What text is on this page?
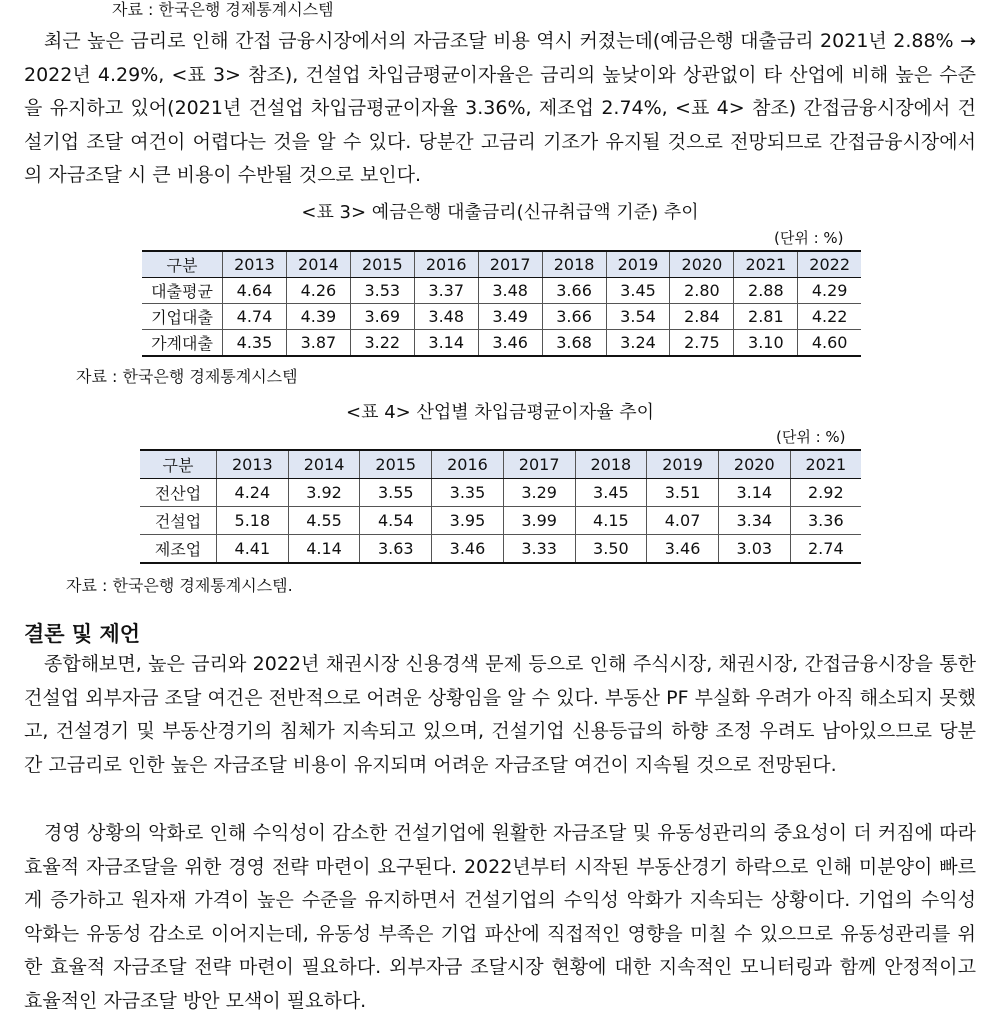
자료 : 한국은행 경제통계시스템

최근 높은 금리로 인해 간접 금융시장에서의 자금조달 비용 역시 커졌는데(예금은행 대출금리 2021년 2.88% → 2022년 4.29%, <표 3> 참조), 건설업 차입금평균이자율은 금리의 높낮이와 상관없이 타 산업에 비해 높은 수준을 유지하고 있어(2021년 건설업 차입금평균이자율 3.36%, 제조업 2.74%, <표 4> 참조) 간접금융시장에서 건설기업 조달 여건이 어렵다는 것을 알 수 있다. 당분간 고금리 기조가 유지될 것으로 전망되므로 간접금융시장에서의 자금조달 시 큰 비용이 수반될 것으로 보인다.

<표 3> 예금은행 대출금리(신규취급액 기준) 추이
(단위 : %)
구분	2013	2014	2015	2016	2017	2018	2019	2020	2021	2022
대출평균	4.64	4.26	3.53	3.37	3.48	3.66	3.45	2.80	2.88	4.29
기업대출	4.74	4.39	3.69	3.48	3.49	3.66	3.54	2.84	2.81	4.22
가계대출	4.35	3.87	3.22	3.14	3.46	3.68	3.24	2.75	3.10	4.60
자료 : 한국은행 경제통계시스템
<표 4> 산업별 차입금평균이자율 추이
(단위 : %)
구분	2013	2014	2015	2016	2017	2018	2019	2020	2021
전산업	4.24	3.92	3.55	3.35	3.29	3.45	3.51	3.14	2.92
건설업	5.18	4.55	4.54	3.95	3.99	4.15	4.07	3.34	3.36
제조업	4.41	4.14	3.63	3.46	3.33	3.50	3.46	3.03	2.74
자료 : 한국은행 경제통계시스템.
결론 및 제언

종합해보면, 높은 금리와 2022년 채권시장 신용경색 문제 등으로 인해 주식시장, 채권시장, 간접금융시장을 통한 건설업 외부자금 조달 여건은 전반적으로 어려운 상황임을 알 수 있다. 부동산 PF 부실화 우려가 아직 해소되지 못했고, 건설경기 및 부동산경기의 침체가 지속되고 있으며, 건설기업 신용등급의 하향 조정 우려도 남아있으므로 당분간 고금리로 인한 높은 자금조달 비용이 유지되며 어려운 자금조달 여건이 지속될 것으로 전망된다.

경영 상황의 악화로 인해 수익성이 감소한 건설기업에 원활한 자금조달 및 유동성관리의 중요성이 더 커짐에 따라 효율적 자금조달을 위한 경영 전략 마련이 요구된다. 2022년부터 시작된 부동산경기 하락으로 인해 미분양이 빠르게 증가하고 원자재 가격이 높은 수준을 유지하면서 건설기업의 수익성 악화가 지속되는 상황이다. 기업의 수익성 악화는 유동성 감소로 이어지는데, 유동성 부족은 기업 파산에 직접적인 영향을 미칠 수 있으므로 유동성관리를 위한 효율적 자금조달 전략 마련이 필요하다. 외부자금 조달시장 현황에 대한 지속적인 모니터링과 함께 안정적이고 효율적인 자금조달 방안 모색이 필요하다.
